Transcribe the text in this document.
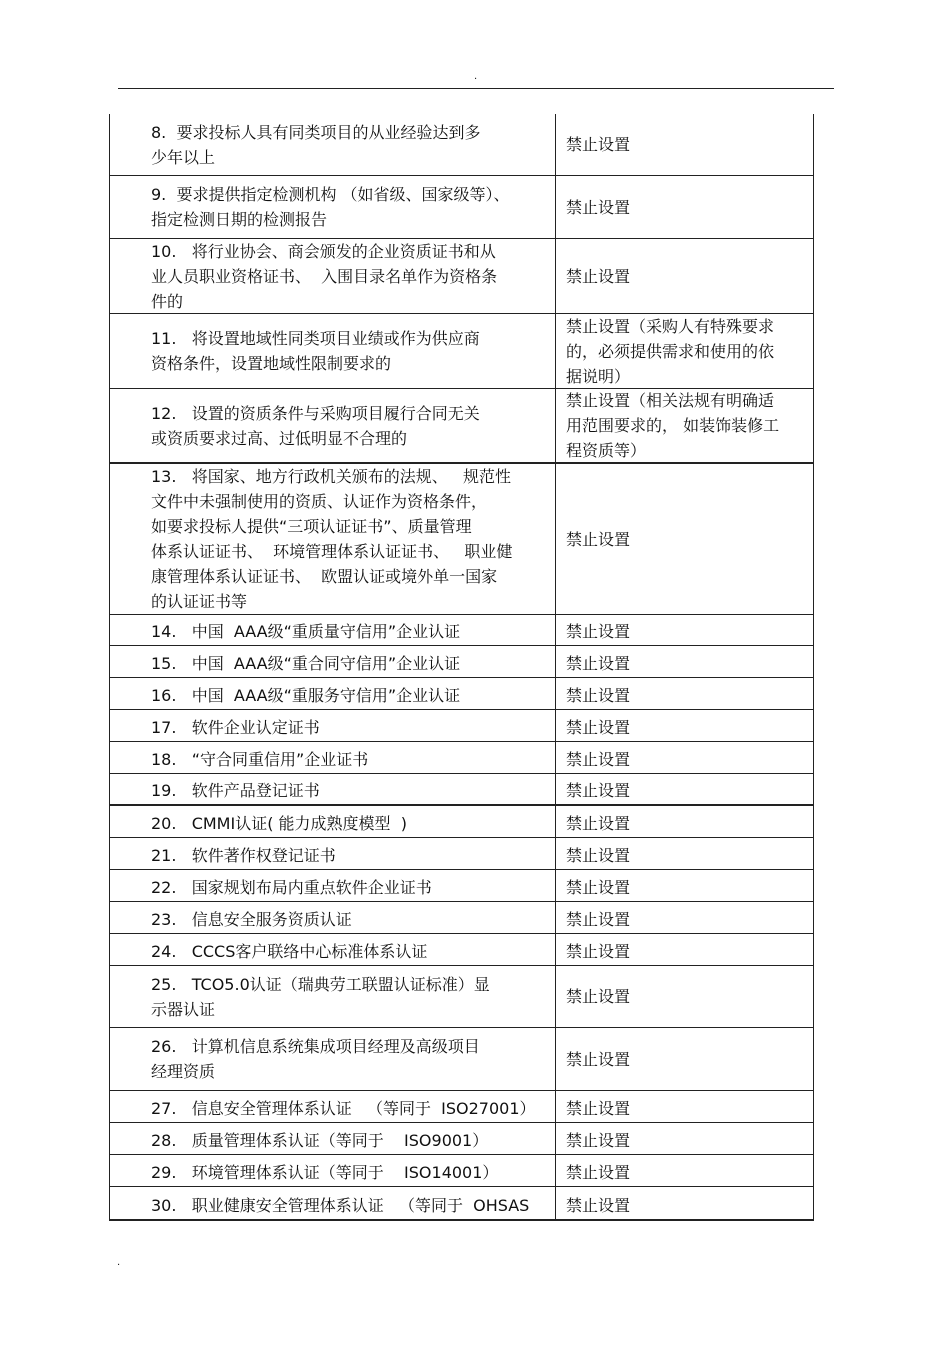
.
8.  要求投标人具有同类项目的从业经验达到多
少年以上
禁止设置
9.  要求提供指定检测机构 （如省级、国家级等）、
指定检测日期的检测报告
禁止设置
10.   将行业协会、商会颁发的企业资质证书和从
业人员职业资格证书、  入围目录名单作为资格条
件的
禁止设置
11.   将设置地域性同类项目业绩或作为供应商
资格条件，设置地域性限制要求的
禁止设置（采购人有特殊要求
的，必须提供需求和使用的依
据说明）
12.   设置的资质条件与采购项目履行合同无关
或资质要求过高、过低明显不合理的
禁止设置（相关法规有明确适
用范围要求的， 如装饰装修工
程资质等）
13.   将国家、地方行政机关颁布的法规、   规范性
文件中未强制使用的资质、认证作为资格条件，
如要求投标人提供“三项认证证书”、质量管理
体系认证证书、  环境管理体系认证证书、   职业健
康管理体系认证证书、  欧盟认证或境外单一国家
的认证证书等
禁止设置
14.   中国  AAA级“重质量守信用”企业认证	禁止设置
15.   中国  AAA级“重合同守信用”企业认证	禁止设置
16.   中国  AAA级“重服务守信用”企业认证	禁止设置
17.   软件企业认定证书	禁止设置
18.   “守合同重信用”企业证书	禁止设置
19.   软件产品登记证书	禁止设置
20.   CMMI认证( 能力成熟度模型  )	禁止设置
21.   软件著作权登记证书	禁止设置
22.   国家规划布局内重点软件企业证书	禁止设置
23.   信息安全服务资质认证	禁止设置
24.   CCCS客户联络中心标准体系认证	禁止设置
25.   TCO5.0认证（瑞典劳工联盟认证标准）显
示器认证
禁止设置
26.   计算机信息系统集成项目经理及高级项目
经理资质
禁止设置
27.   信息安全管理体系认证   （等同于  ISO27001）	禁止设置
28.   质量管理体系认证（等同于    ISO9001）	禁止设置
29.   环境管理体系认证（等同于    ISO14001）	禁止设置
30.   职业健康安全管理体系认证   （等同于  OHSAS	禁止设置
.
